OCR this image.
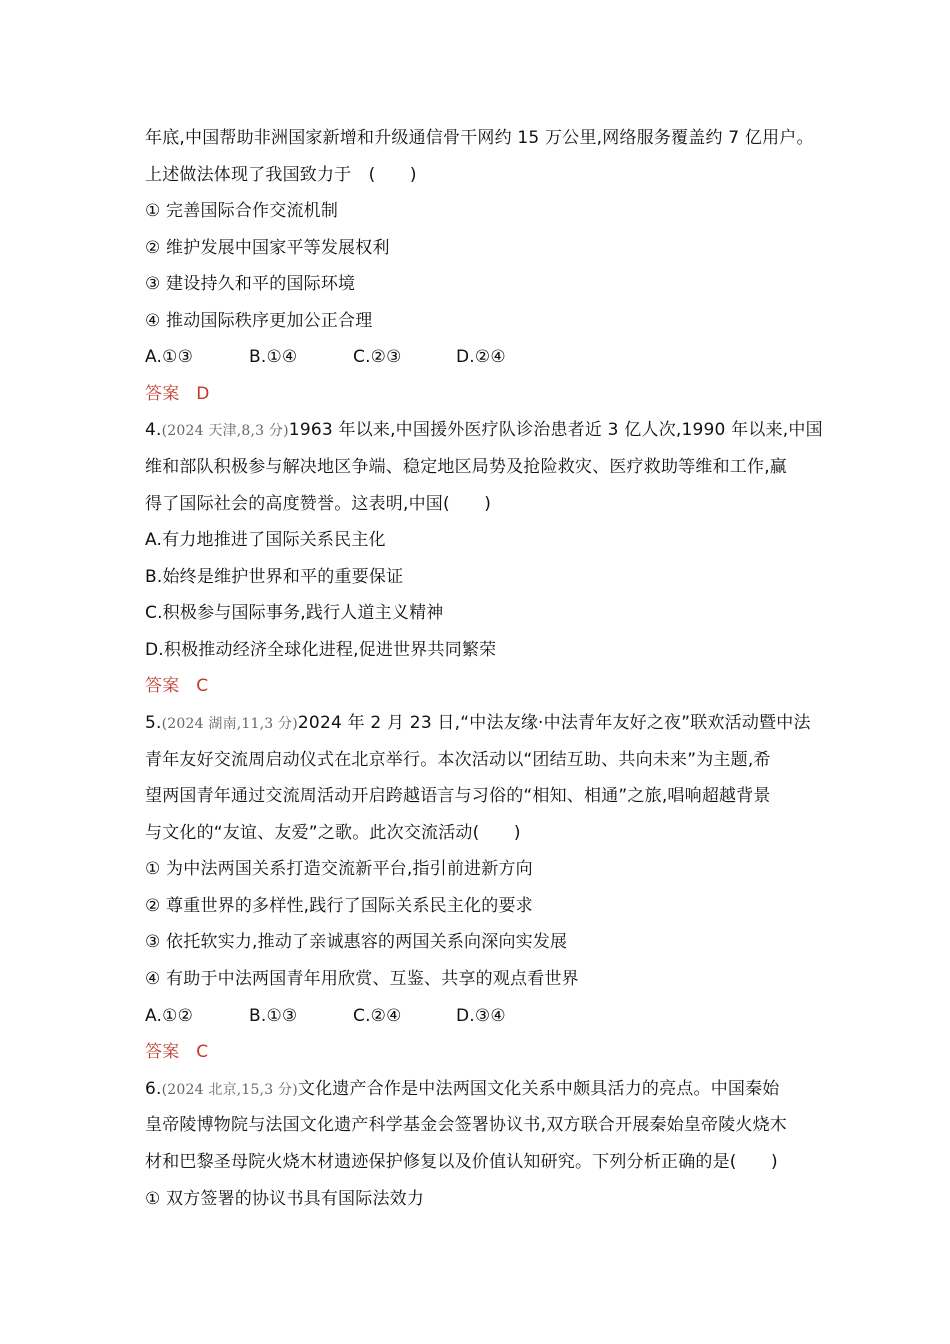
年底,中国帮助非洲国家新增和升级通信骨干网约 15 万公里,网络服务覆盖约 7 亿用户。
上述做法体现了我国致力于　(　　)
① 完善国际合作交流机制
② 维护发展中国家平等发展权利
③ 建设持久和平的国际环境
④ 推动国际秩序更加公正合理
A.①③	B.①④	C.②③	D.②④
答案 D
4.(2024 天津,8,3 分)1963 年以来,中国援外医疗队诊治患者近 3 亿人次,1990 年以来,中国
维和部队积极参与解决地区争端、稳定地区局势及抢险救灾、医疗救助等维和工作,赢
得了国际社会的高度赞誉。这表明,中国(　　)
A.有力地推进了国际关系民主化
B.始终是维护世界和平的重要保证
C.积极参与国际事务,践行人道主义精神
D.积极推动经济全球化进程,促进世界共同繁荣
答案 C
5.(2024 湖南,11,3 分)2024 年 2 月 23 日,“中法友缘·中法青年友好之夜”联欢活动暨中法
青年友好交流周启动仪式在北京举行。本次活动以“团结互助、共向未来”为主题,希
望两国青年通过交流周活动开启跨越语言与习俗的“相知、相通”之旅,唱响超越背景
与文化的“友谊、友爱”之歌。此次交流活动(　　)
① 为中法两国关系打造交流新平台,指引前进新方向
② 尊重世界的多样性,践行了国际关系民主化的要求
③ 依托软实力,推动了亲诚惠容的两国关系向深向实发展
④ 有助于中法两国青年用欣赏、互鉴、共享的观点看世界
A.①②	B.①③	C.②④	D.③④
答案 C
6.(2024 北京,15,3 分)文化遗产合作是中法两国文化关系中颇具活力的亮点。中国秦始
皇帝陵博物院与法国文化遗产科学基金会签署协议书,双方联合开展秦始皇帝陵火烧木
材和巴黎圣母院火烧木材遗迹保护修复以及价值认知研究。下列分析正确的是(　　)
① 双方签署的协议书具有国际法效力
